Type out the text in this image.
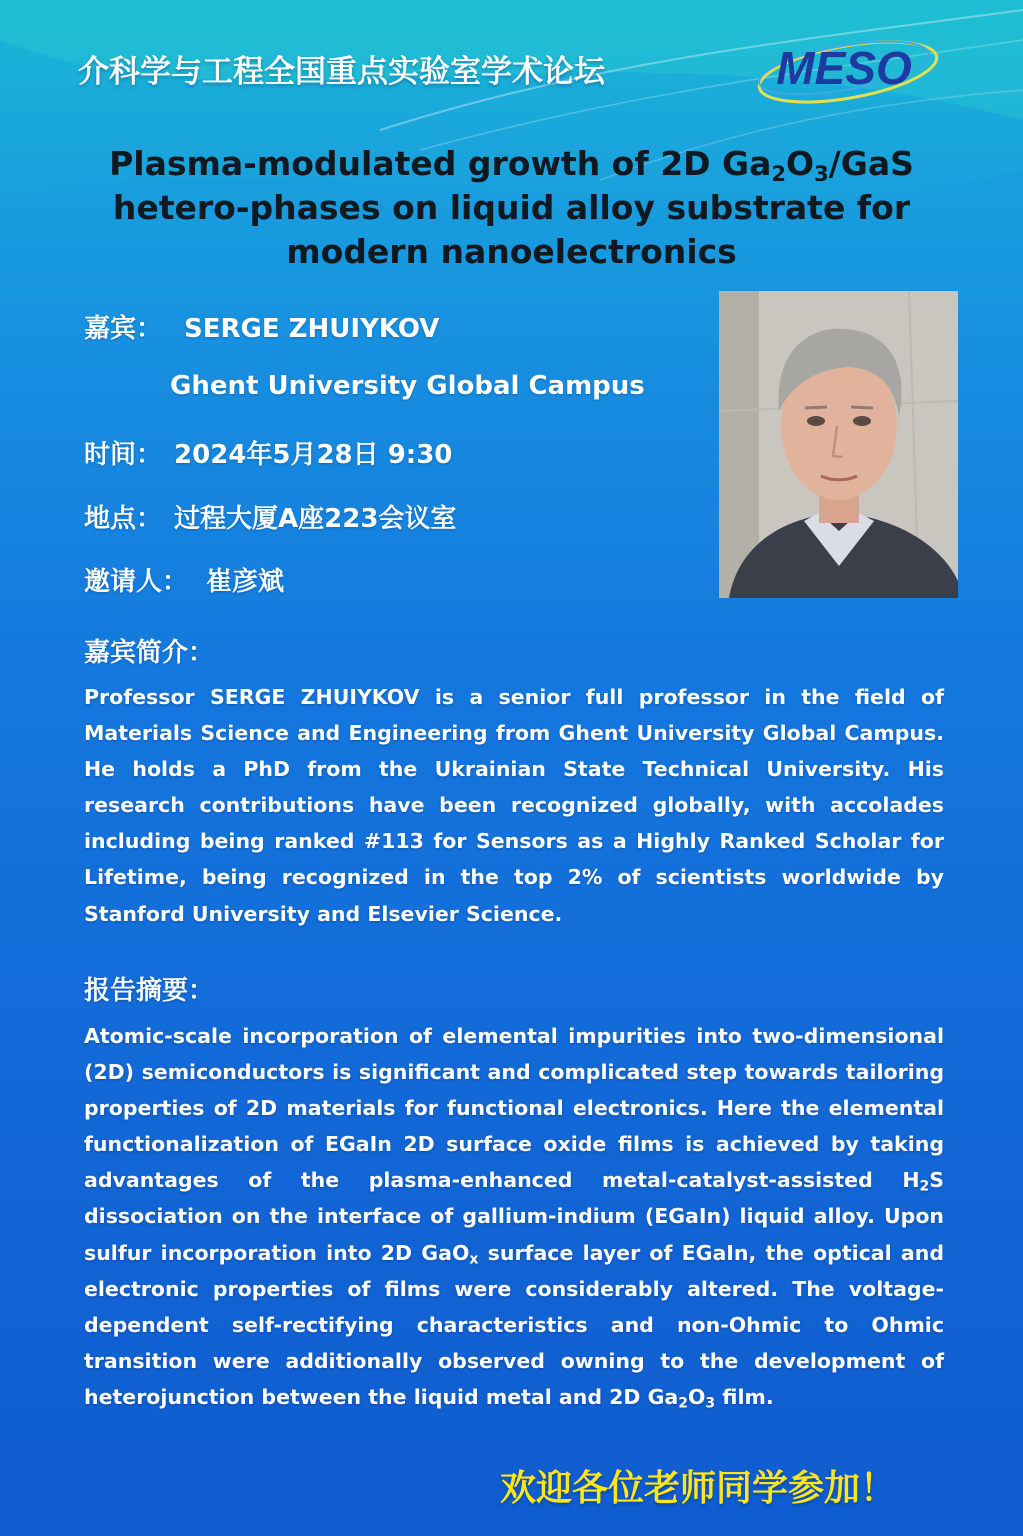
介科学与工程全国重点实验室学术论坛	MESO
Plasma-modulated growth of 2D $Ga_2O_3$/GaS
hetero-phases on liquid alloy substrate for
modern nanoelectronics
嘉宾： SERGE ZHUIYKOV
Ghent University Global Campus
时间： 2024年5月28日 9:30
地点： 过程大厦A座223会议室
邀请人： 崔彦斌
嘉宾简介：
Professor SERGE ZHUIYKOV is a senior full professor in the field of Materials Science and Engineering from Ghent University Global Campus. He holds a PhD from the Ukrainian State Technical University. His research contributions have been recognized globally, with accolades including being ranked #113 for Sensors as a Highly Ranked Scholar for Lifetime, being recognized in the top 2% of scientists worldwide by Stanford University and Elsevier Science.
报告摘要：
Atomic-scale incorporation of elemental impurities into two-dimensional (2D) semiconductors is significant and complicated step towards tailoring properties of 2D materials for functional electronics. Here the elemental functionalization of EGaIn 2D surface oxide films is achieved by taking advantages of the plasma-enhanced metal-catalyst-assisted $H_2S$ dissociation on the interface of gallium-indium (EGaIn) liquid alloy. Upon sulfur incorporation into 2D GaO$_x$ surface layer of EGaIn, the optical and electronic properties of films were considerably altered. The voltage-dependent self-rectifying characteristics and non-Ohmic to Ohmic transition were additionally observed owning to the development of heterojunction between the liquid metal and 2D $Ga_2O_3$ film.
欢迎各位老师同学参加！
